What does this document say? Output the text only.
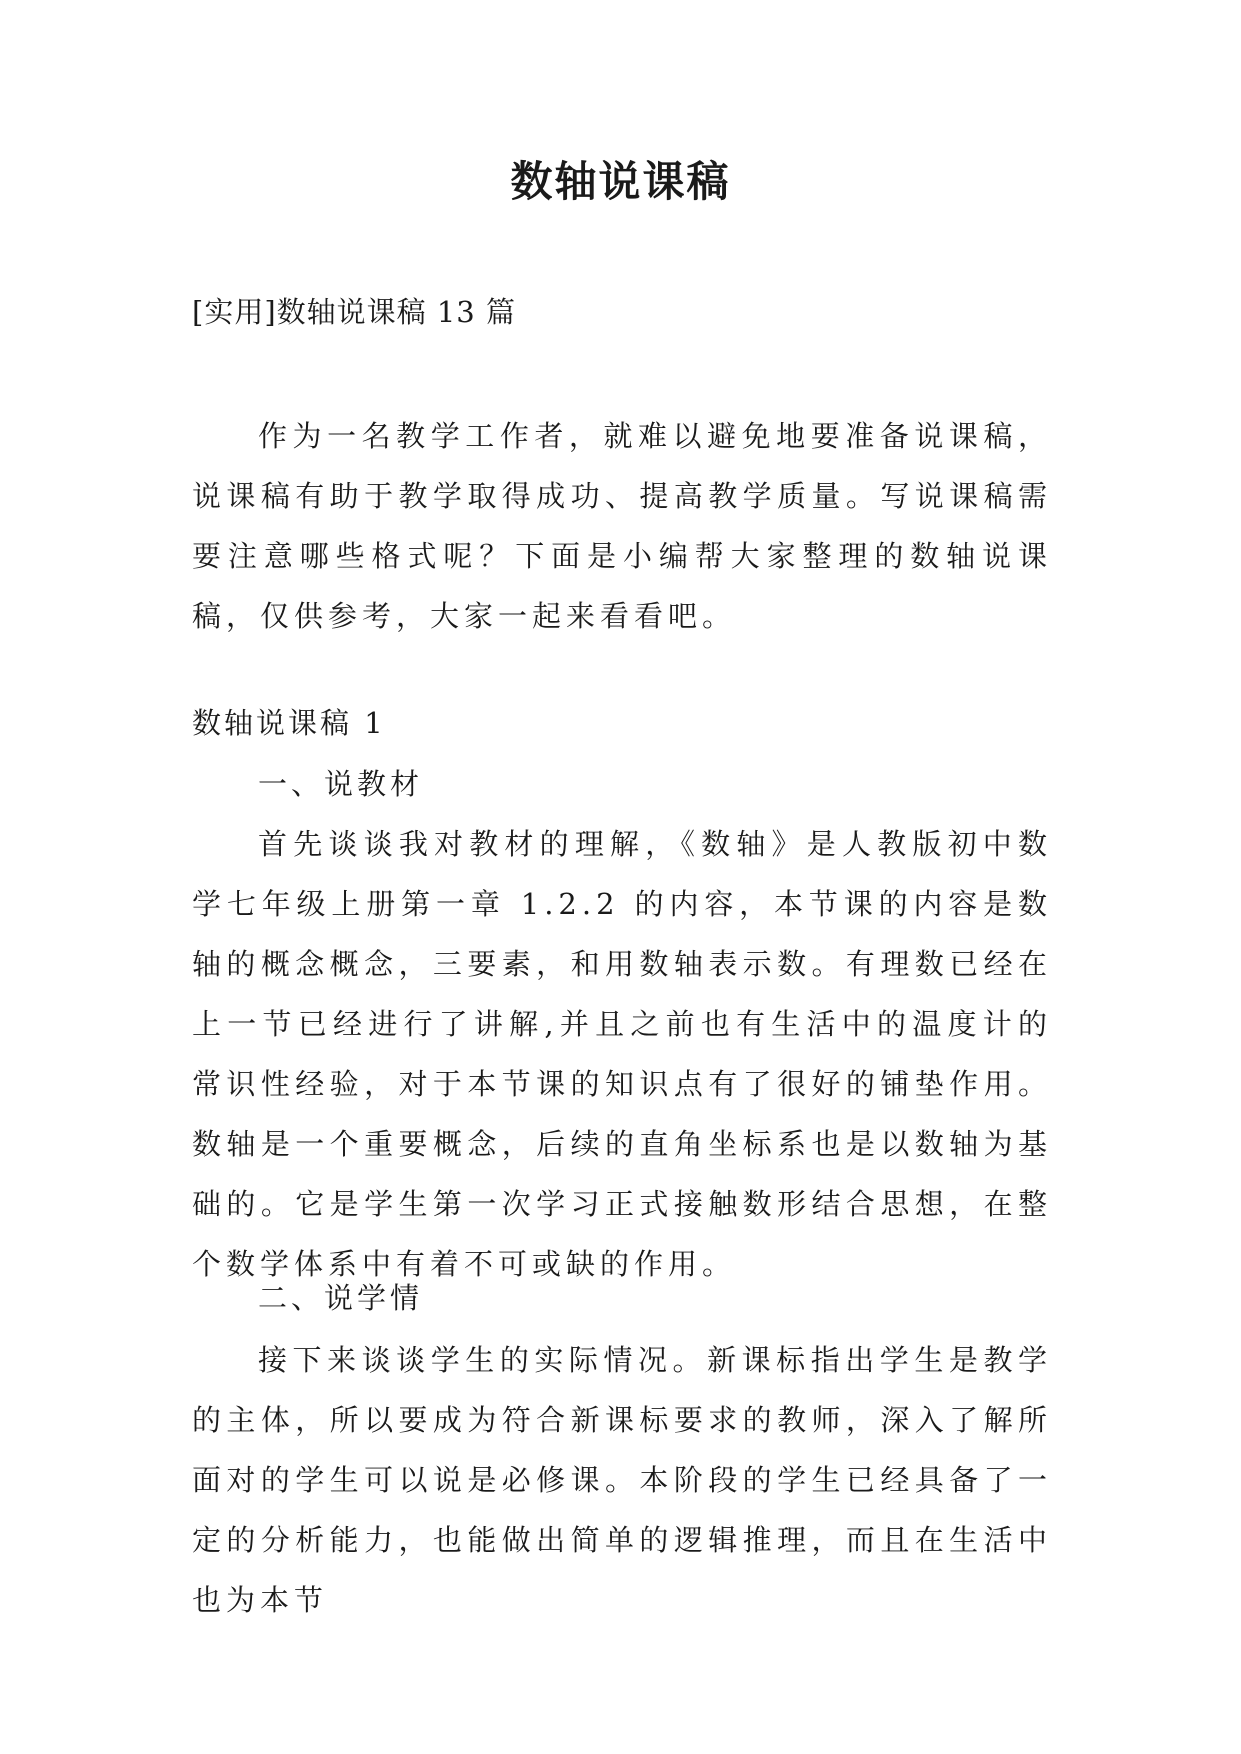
数轴说课稿

[实用]数轴说课稿 13 篇

作为一名教学工作者，就难以避免地要准备说课稿，说课稿有助于教学取得成功、提高教学质量。写说课稿需要注意哪些格式呢？下面是小编帮大家整理的数轴说课稿，仅供参考，大家一起来看看吧。

数轴说课稿 1

一、说教材

首先谈谈我对教材的理解，《数轴》是人教版初中数学七年级上册第一章 1.2.2 的内容，本节课的内容是数轴的概念概念，三要素，和用数轴表示数。有理数已经在上一节已经进行了讲解,并且之前也有生活中的温度计的常识性经验，对于本节课的知识点有了很好的铺垫作用。数轴是一个重要概念，后续的直角坐标系也是以数轴为基础的。它是学生第一次学习正式接触数形结合思想，在整个数学体系中有着不可或缺的作用。

二、说学情

接下来谈谈学生的实际情况。新课标指出学生是教学的主体，所以要成为符合新课标要求的教师，深入了解所面对的学生可以说是必修课。本阶段的学生已经具备了一定的分析能力，也能做出简单的逻辑推理，而且在生活中也为本节
